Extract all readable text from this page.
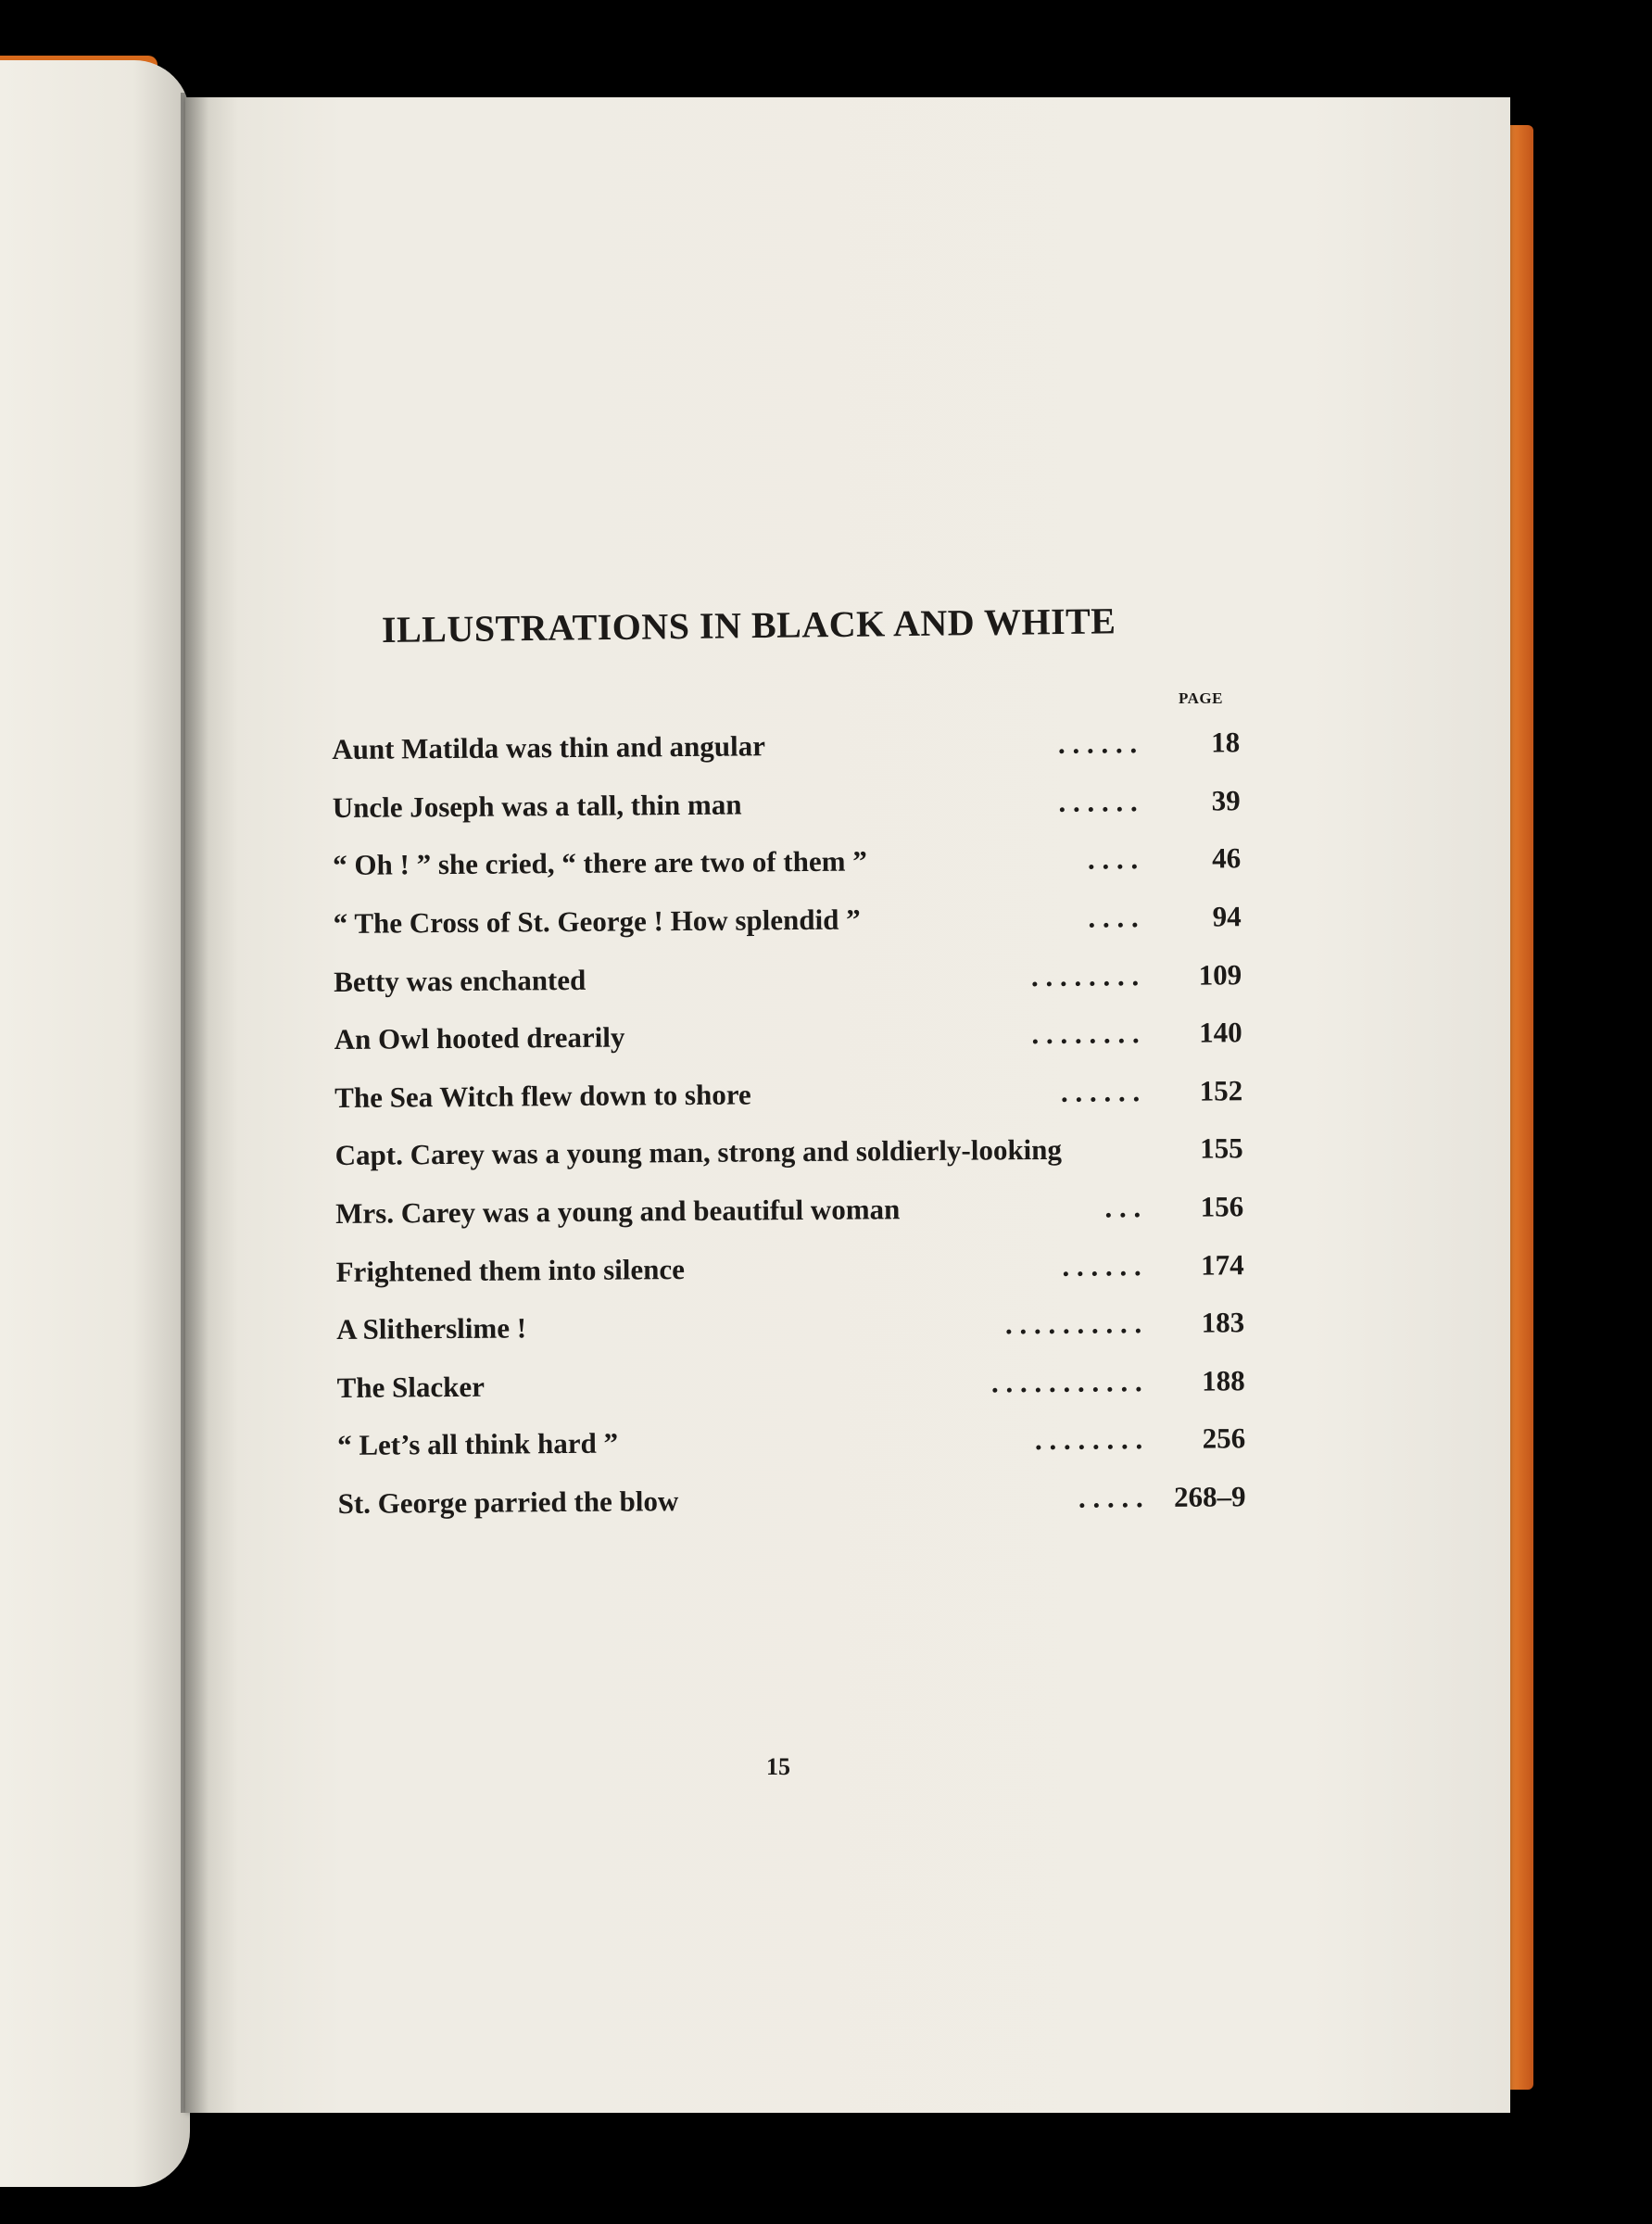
ILLUSTRATIONS IN BLACK AND WHITE
PAGE
Aunt Matilda was thin and angular	. . . . . .	18
Uncle Joseph was a tall, thin man	. . . . . .	39
“ Oh ! ” she cried, “ there are two of them ”	. . . .	46
“ The Cross of St. George ! How splendid ”	. . . .	94
Betty was enchanted	. . . . . . . .	109
An Owl hooted drearily	. . . . . . . .	140
The Sea Witch flew down to shore	. . . . . .	152
Capt. Carey was a young man, strong and soldierly-looking	155
Mrs. Carey was a young and beautiful woman	. . .	156
Frightened them into silence	. . . . . .	174
A Slitherslime !	. . . . . . . . . .	183
The Slacker	. . . . . . . . . . .	188
“ Let’s all think hard ”	. . . . . . . .	256
St. George parried the blow	. . . . .	268–9
15
